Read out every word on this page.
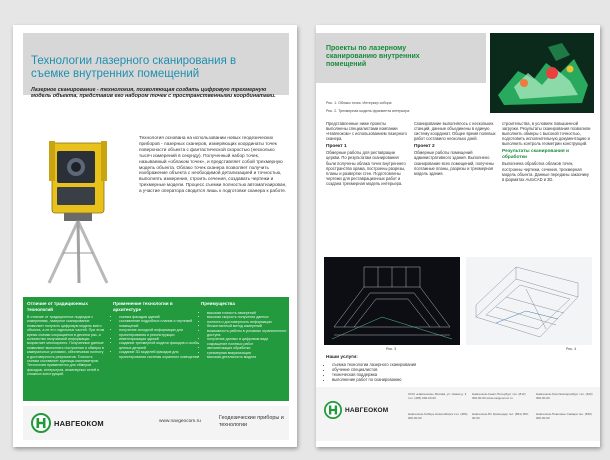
Технологии лазерного сканирования в съемке внутренних помещений
Лазерное сканирование - технология, позволяющая создать цифровую трехмерную модель объекта, представив его набором точек с пространственными координатами.
Технология основана на использовании новых геодезических приборов - лазерных сканеров, измеряющих координаты точек поверхности объекта с фантастической скоростью (несколько тысяч измерений в секунду). Полученный набор точек, называемый «облаком точек», и представляет собой трехмерную модель объекта. Облако точек сканера позволяет получить изображение объекта с необходимой детализацией и точностью, выполнять измерения, строить сечения, создавать чертежи и трехмерные модели. Процесс съемки полностью автоматизирован, а участие оператора сводится лишь к подготовке сканера к работе.
Отличие от традиционных технологий
В отличие от традиционных подходов к измерениям, лазерное сканирование позволяет получить цифровую модель всего объекта, а не его отдельных частей. При этом время съемки сокращается в десятки раз, а количество получаемой информации возрастает многократно. Полученные данные позволяют выполнять построения и обмеры в камеральных условиях, обеспечивая полноту и достоверность результатов. Точность съемки составляет единицы миллиметров. Технология применяется для обмеров фасадов, интерьеров, инженерных сетей и сложных конструкций.
Применение технологии в архитектуре
• съемка фасадов зданий
• составление подробных планов и чертежей помещений
• получение исходной информации для проектирования и реконструкции
• инвентаризация зданий
• создание трехмерной модели фасадов и особо ценных деталей
• создание 3D моделей фасадов для проектирования системы охранного освещения
Преимущества
• высокая точность измерений
• высокая скорость получения данных
• полнота и достоверность информации
• бесконтактный метод измерений
• возможность работы в условиях ограниченного доступа
• получение данных в цифровом виде
• сокращение полевых работ
• автоматизация обработки
• трехмерная визуализация
• высокая детальность модели
НАВГЕОКОМ	www.navgeocom.ru
Геодезические приборы и технологии
Проекты по лазерному сканированию внутренних помещений
Рис. 1. Облако точек. Интерьер собора
Рис. 2. Трехмерная модель фрагмента интерьера
Представленные ниже проекты выполнены специалистами компании «Навгеоком» с использованием лазерного сканера.
Проект 1
Обмерные работы для реставрации церкви. По результатам сканирования были получены облака точек внутреннего пространства храма, построены разрезы, планы и развертки стен. Подготовлены чертежи для реставрационных работ и создана трехмерная модель интерьера.
Сканирование выполнялось с нескольких станций, данные объединены в единую систему координат. Общее время полевых работ составило несколько дней.
Проект 2
Обмерные работы помещений административного здания. Выполнено сканирование всех помещений, получены поэтажные планы, разрезы и трехмерная модель здания.
строительства, в условиях повышенной загрузки. Результаты сканирования позволили выполнить обмеры с высокой точностью, подготовить исполнительную документацию и выполнить контроль геометрии конструкций.
Результаты сканирования и обработки
Выполнена обработка облаков точек, построены чертежи, сечения, трехмерная модель объекта. Данные переданы заказчику в форматах AutoCAD и 3D.
Рис. 3	Рис. 4
Наши услуги:
• съемка технологии лазерного сканирования
• обучение специалистов
• техническая поддержка
• выполнение работ по сканированию
НАВГЕОКОМ
ООО «Навгеоком» Москва, ул. Новая д. 3 тел. (495) 000-00-00
Навгеоком-Санкт-Петербург тел. (812) 000-00-00 www.navgeocom.ru
Навгеоком-Урал Екатеринбург тел. (343) 000-00-00
Навгеоком-Сибирь Новосибирск тел. (383) 000-00-00
Навгеоком-Юг Краснодар тел. (861) 000-00-00
Навгеоком-Поволжье Самара тел. (846) 000-00-00
